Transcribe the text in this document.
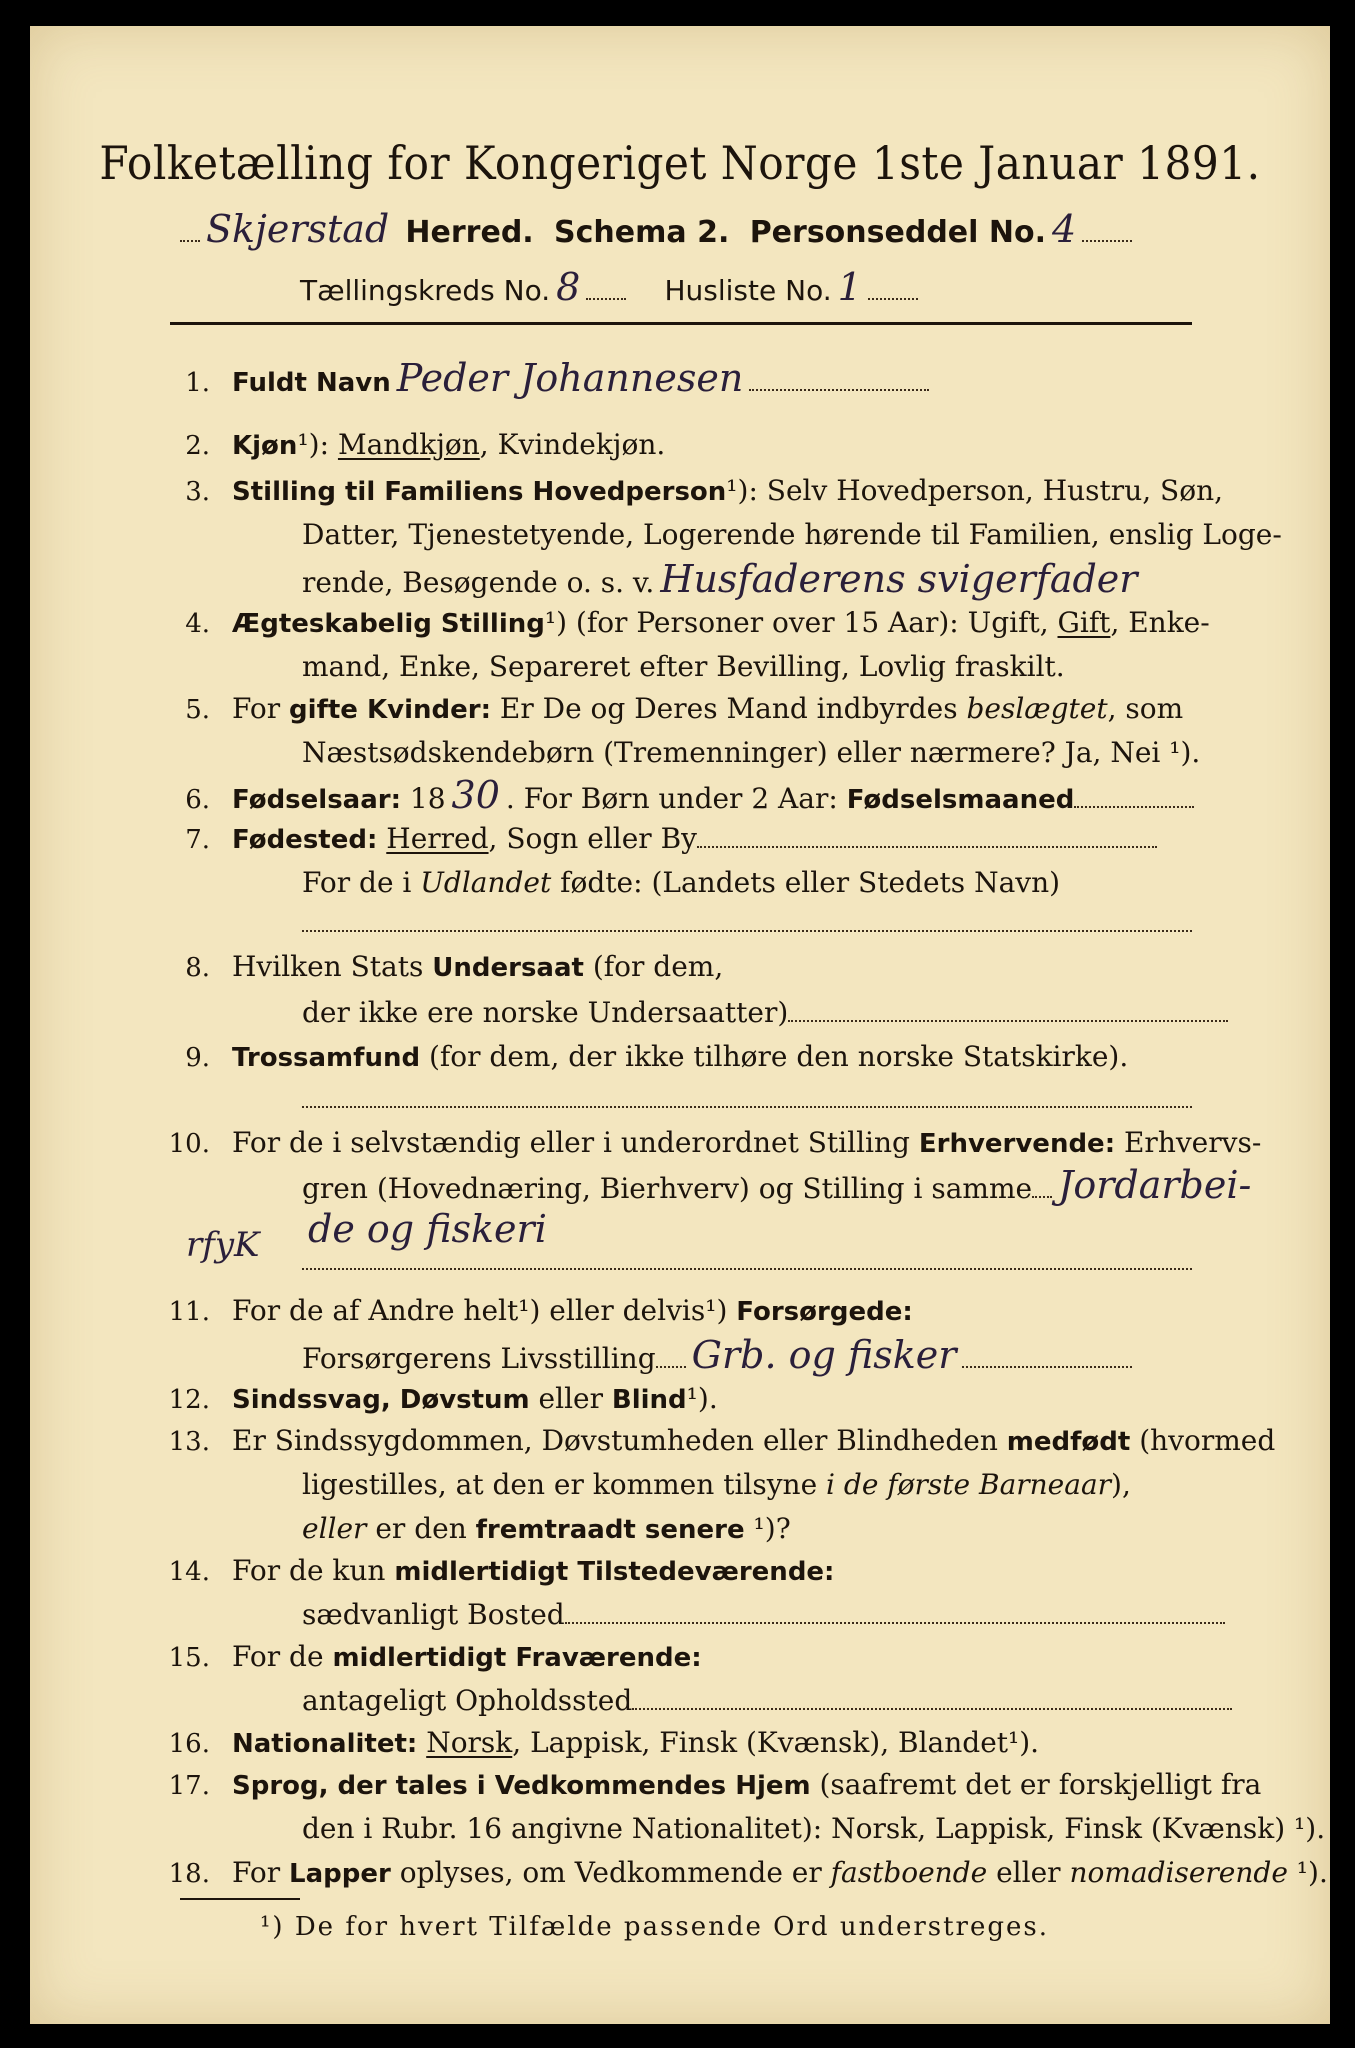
Folketælling for Kongeriget Norge 1ste Januar 1891.
Skjerstad Herred. Schema 2. Personseddel No. 4
Tællingskreds No. 8	Husliste No. 1
1. Fuldt Navn Peder Johannesen
2. Kjøn¹): Mandkjøn, Kvindekjøn.
3. Stilling til Familiens Hovedperson¹): Selv Hovedperson, Hustru, Søn,
Datter, Tjenestetyende, Logerende hørende til Familien, enslig Loge-
rende, Besøgende o. s. v. Husfaderens svigerfader
4. Ægteskabelig Stilling¹) (for Personer over 15 Aar): Ugift, Gift, Enke-
mand, Enke, Separeret efter Bevilling, Lovlig fraskilt.
5. For gifte Kvinder: Er De og Deres Mand indbyrdes beslægtet, som
Næstsødskendebørn (Tremenninger) eller nærmere? Ja, Nei ¹).
6. Fødselsaar: 18 30 . For Børn under 2 Aar: Fødselsmaaned
7. Fødested: Herred, Sogn eller By
For de i Udlandet fødte: (Landets eller Stedets Navn)
8. Hvilken Stats Undersaat (for dem,
der ikke ere norske Undersaatter)
9. Trossamfund (for dem, der ikke tilhøre den norske Statskirke).
10. For de i selvstændig eller i underordnet Stilling Erhvervende: Erhvervs-
gren (Hovednæring, Bierhverv) og Stilling i samme Jordarbei-
de og fiskeri
rfyK
11. For de af Andre helt¹) eller delvis¹) Forsørgede:
Forsørgerens Livsstilling Grb. og fisker
12. Sindssvag, Døvstum eller Blind¹).
13. Er Sindssygdommen, Døvstumheden eller Blindheden medfødt (hvormed
ligestilles, at den er kommen tilsyne i de første Barneaar),
eller er den fremtraadt senere ¹)?
14. For de kun midlertidigt Tilstedeværende:
sædvanligt Bosted
15. For de midlertidigt Fraværende:
antageligt Opholdssted
16. Nationalitet: Norsk, Lappisk, Finsk (Kvænsk), Blandet¹).
17. Sprog, der tales i Vedkommendes Hjem (saafremt det er forskjelligt fra
den i Rubr. 16 angivne Nationalitet): Norsk, Lappisk, Finsk (Kvænsk) ¹).
18. For Lapper oplyses, om Vedkommende er fastboende eller nomadiserende ¹).
¹) De for hvert Tilfælde passende Ord understreges.
